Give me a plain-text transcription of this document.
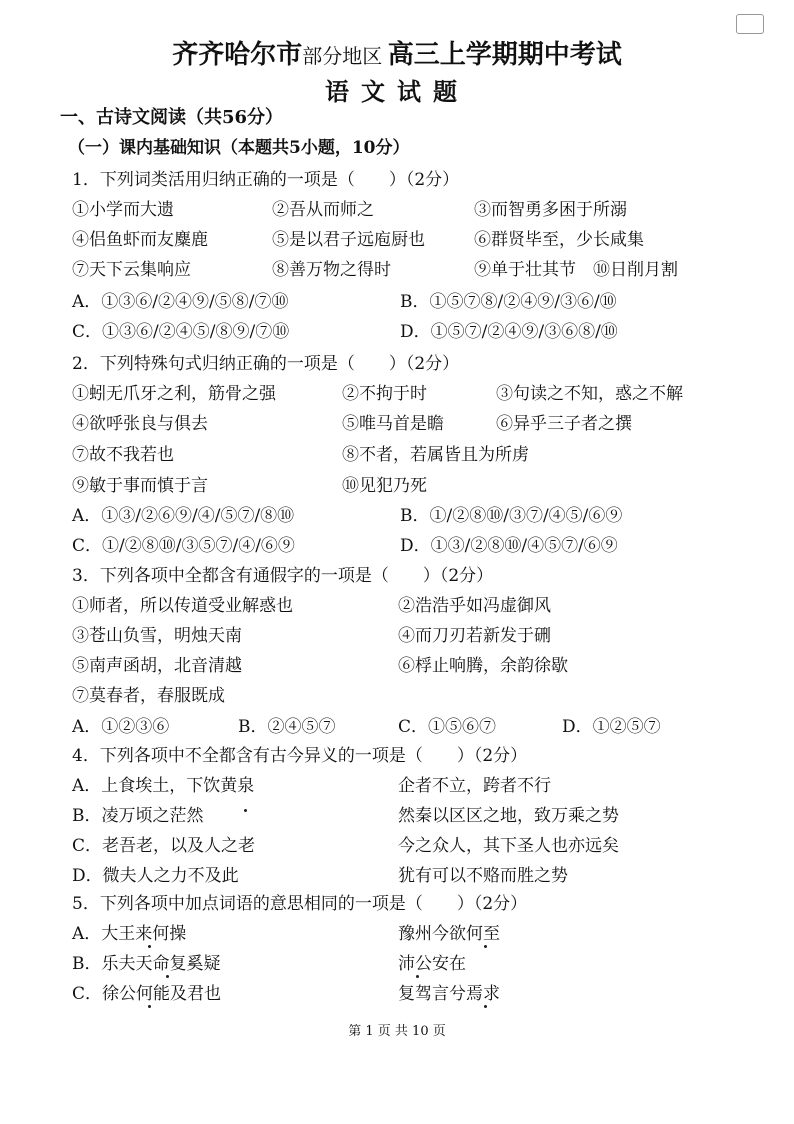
齐齐哈尔市部分地区 高三上学期期中考试
语文试题
一、古诗文阅读（共56分）
（一）课内基础知识（本题共5小题，10分）
1．下列词类活用归纳正确的一项是（　　）（2分）
①小学而大遗	②吾从而师之	③而智勇多困于所溺
④侣鱼虾而友麋鹿	⑤是以君子远庖厨也	⑥群贤毕至，少长咸集
⑦天下云集响应	⑧善万物之得时	⑨单于壮其节　⑩日削月割
A．①③⑥/②④⑨/⑤⑧/⑦⑩	B．①⑤⑦⑧/②④⑨/③⑥/⑩
C．①③⑥/②④⑤/⑧⑨/⑦⑩	D．①⑤⑦/②④⑨/③⑥⑧/⑩
2．下列特殊句式归纳正确的一项是（　　）（2分）
①蚓无爪牙之利，筋骨之强	②不拘于时	③句读之不知，惑之不解
④欲呼张良与俱去	⑤唯马首是瞻	⑥异乎三子者之撰
⑦故不我若也	⑧不者，若属皆且为所虏
⑨敏于事而慎于言	⑩见犯乃死
A．①③/②⑥⑨/④/⑤⑦/⑧⑩	B．①/②⑧⑩/③⑦/④⑤/⑥⑨
C．①/②⑧⑩/③⑤⑦/④/⑥⑨	D．①③/②⑧⑩/④⑤⑦/⑥⑨
3．下列各项中全都含有通假字的一项是（　　）（2分）
①师者，所以传道受业解惑也	②浩浩乎如冯虚御风
③苍山负雪，明烛天南	④而刀刃若新发于硎
⑤南声函胡，北音清越	⑥桴止响腾，余韵徐歇
⑦莫春者，春服既成
A．①②③⑥	B．②④⑤⑦	C．①⑤⑥⑦	D．①②⑤⑦
4．下列各项中不全都含有古今异义的一项是（　　）（2分）
A．上食埃土，下饮黄泉	企者不立，跨者不行
B．凌万顷之茫然	然秦以区区之地，致万乘之势
C．老吾老，以及人之老	今之众人，其下圣人也亦远矣
D．微夫人之力不及此	犹有可以不赂而胜之势
5．下列各项中加点词语的意思相同的一项是（　　）（2分）
A．大王来何操	豫州今欲何至
B．乐夫天命复奚疑	沛公安在
C．徐公何能及君也	复驾言兮焉求
第 1 页 共 10 页
